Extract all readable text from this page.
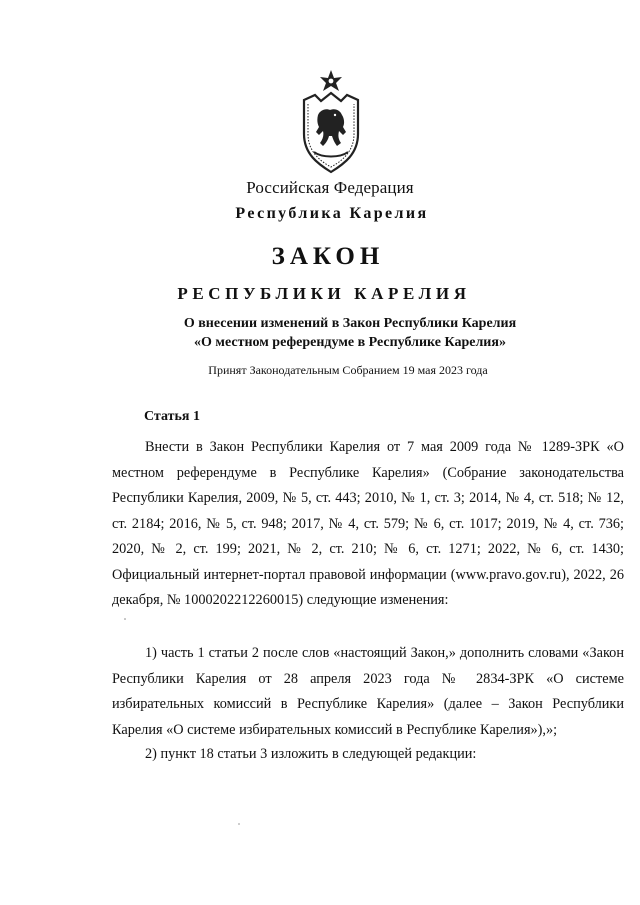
Российская Федерация
Республика Карелия
ЗАКОН
РЕСПУБЛИКИ КАРЕЛИЯ
О внесении изменений в Закон Республики Карелия
«О местном референдуме в Республике Карелия»
Принят Законодательным Собранием 19 мая 2023 года
Статья 1

Внести в Закон Республики Карелия от 7 мая 2009 года № 1289-ЗРК «О местном референдуме в Республике Карелия» (Собрание законодательства Республики Карелия, 2009, № 5, ст. 443; 2010, № 1, ст. 3; 2014, № 4, ст. 518; № 12, ст. 2184; 2016, № 5, ст. 948; 2017, № 4, ст. 579; № 6, ст. 1017; 2019, № 4, ст. 736; 2020, № 2, ст. 199; 2021, № 2, ст. 210; № 6, ст. 1271; 2022, № 6, ст. 1430; Официальный интернет-портал правовой информации (www.pravo.gov.ru), 2022, 26 декабря, № 1000202212260015) следующие изменения:

1) часть 1 статьи 2 после слов «настоящий Закон,» дополнить словами «Закон Республики Карелия от 28 апреля 2023 года № 2834-ЗРК «О системе избирательных комиссий в Республике Карелия» (далее – Закон Республики Карелия «О системе избирательных комиссий в Республике Карелия»),»;

2) пункт 18 статьи 3 изложить в следующей редакции:
